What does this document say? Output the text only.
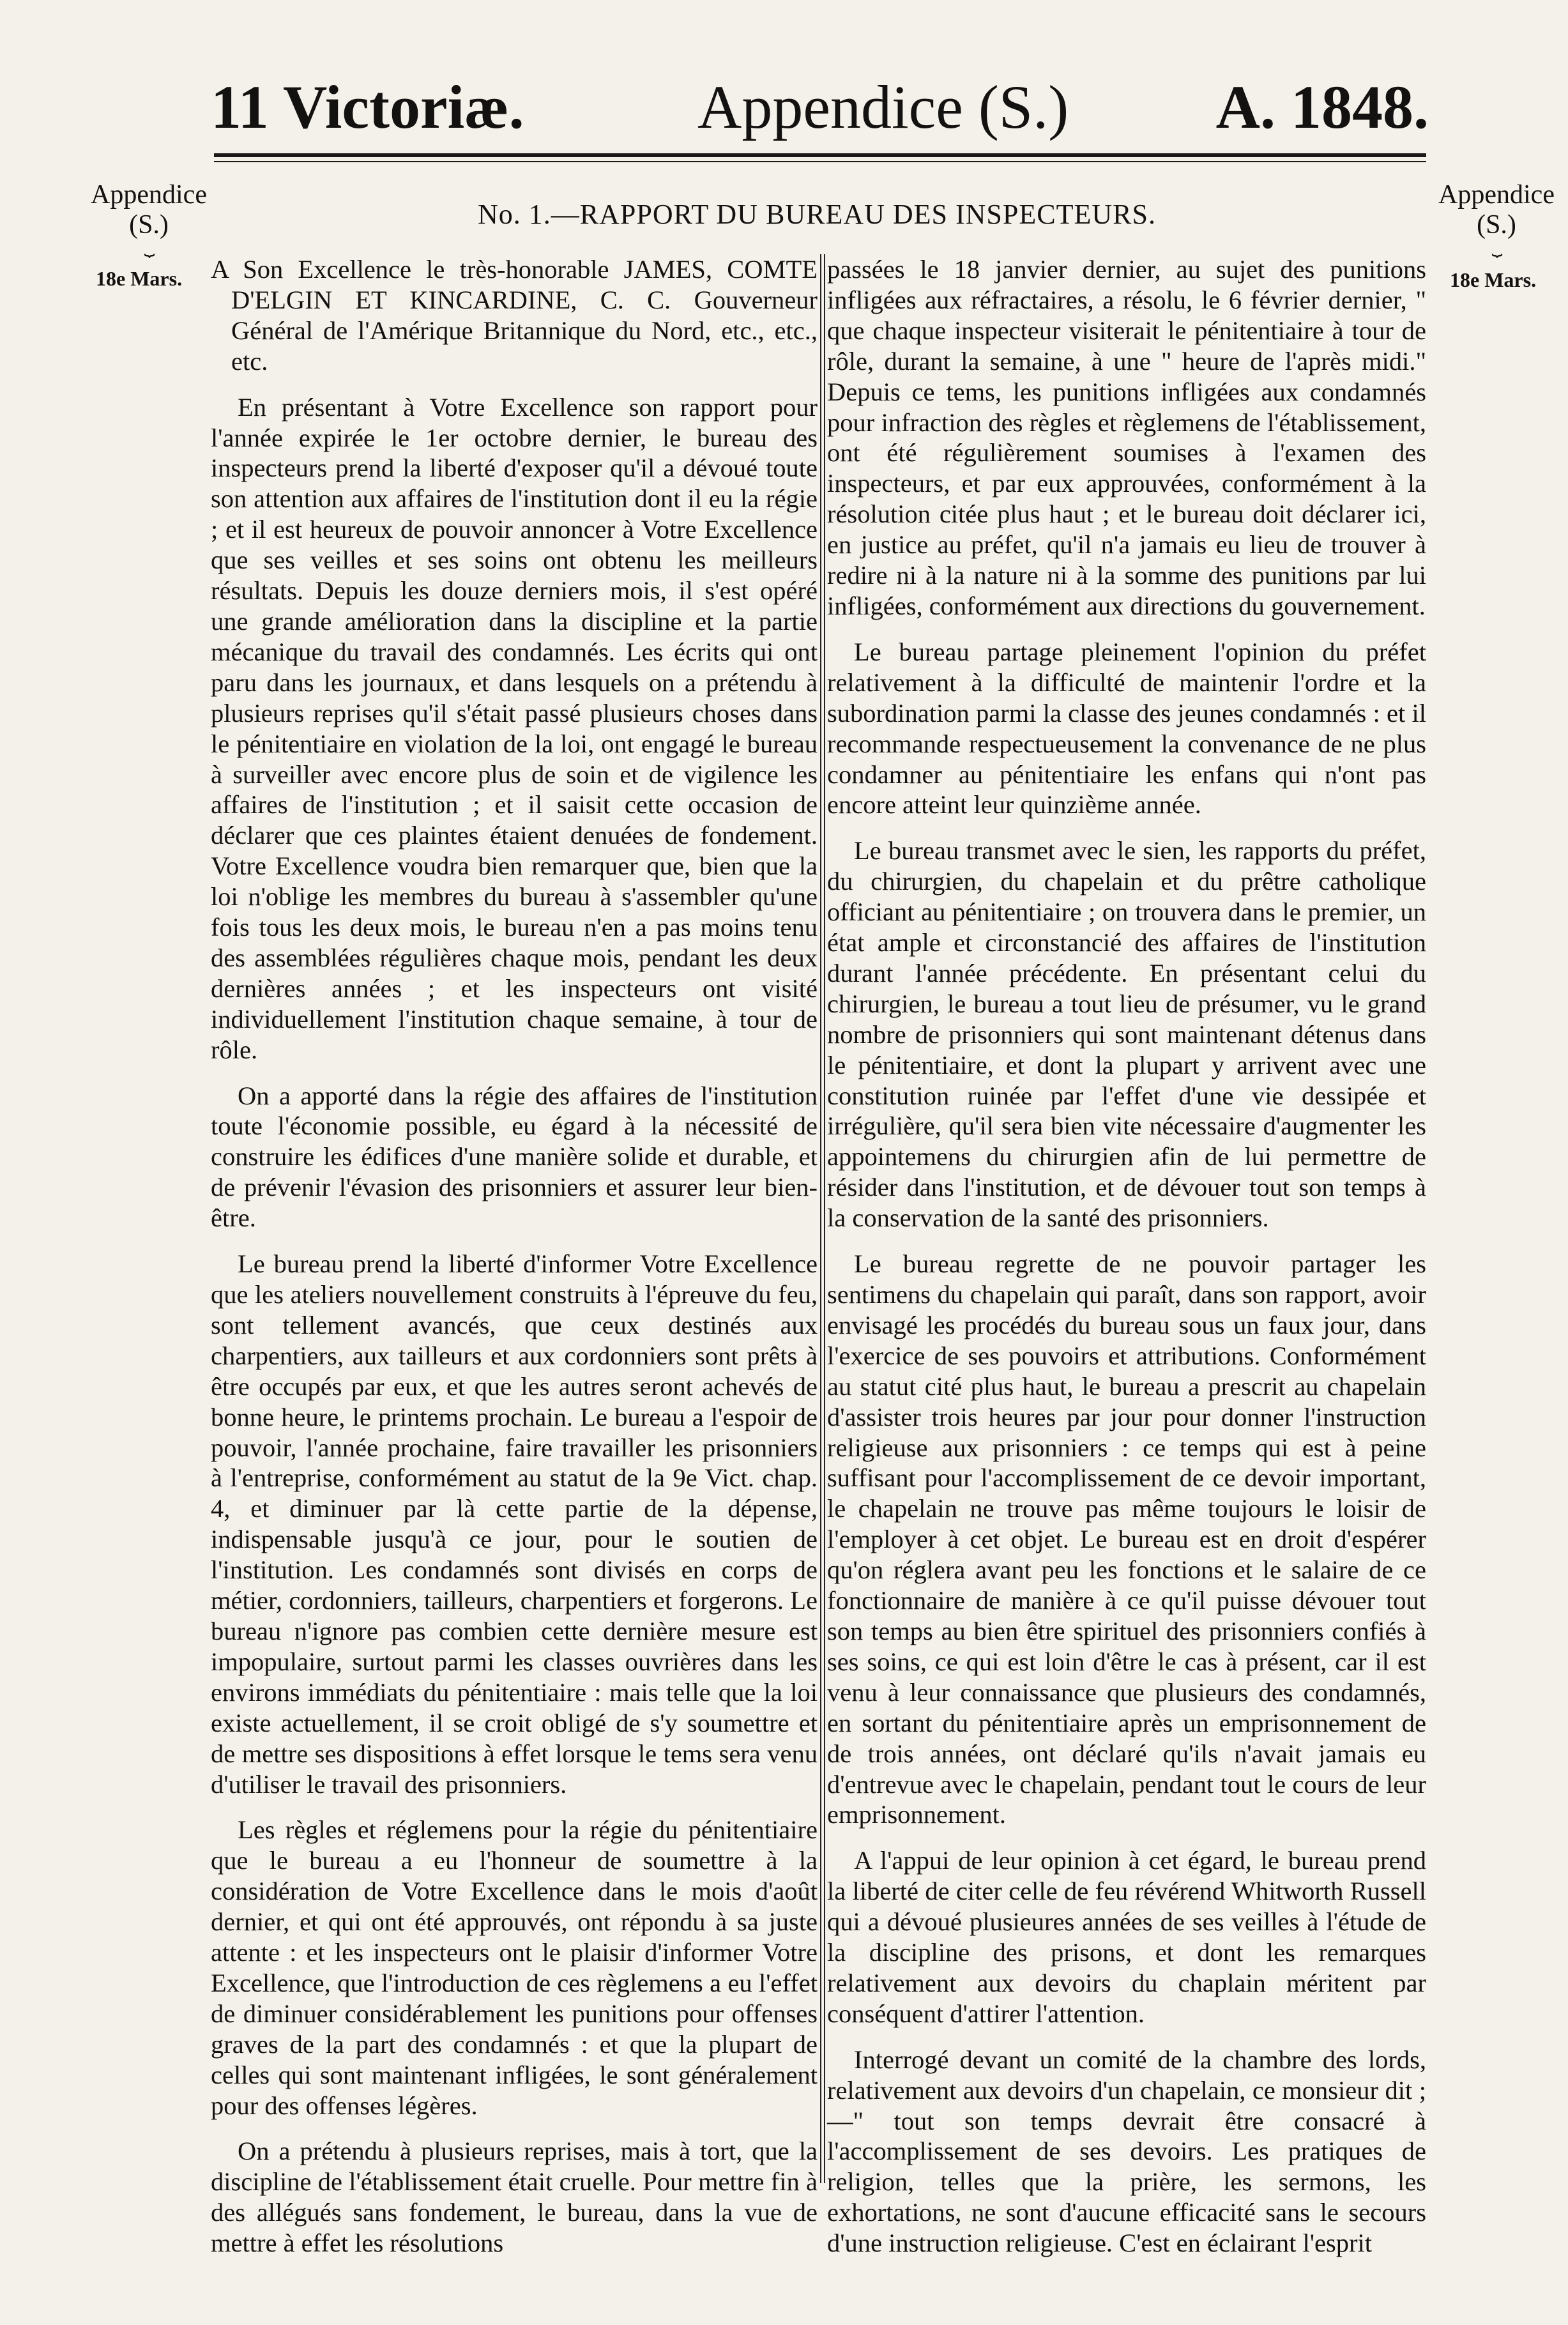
11 Victoriæ.	Appendice (S.) A. 1848.
Appendice
(S.)
⏟
18e Mars.
Appendice
(S.)
⏟
18e Mars.
No. 1.—RAPPORT DU BUREAU DES INSPECTEURS.

A Son Excellence le très-honorable JAMES, COMTE D'ELGIN ET KINCARDINE, C. C. Gouverneur Général de l'Amérique Britannique du Nord, etc., etc., etc.

En présentant à Votre Excellence son rapport pour l'année expirée le 1er octobre dernier, le bureau des inspecteurs prend la liberté d'exposer qu'il a dévoué toute son attention aux affaires de l'institution dont il eu la régie ; et il est heureux de pouvoir annoncer à Votre Excellence que ses veilles et ses soins ont obtenu les meilleurs résultats. Depuis les douze derniers mois, il s'est opéré une grande amélioration dans la discipline et la partie mécanique du travail des condamnés. Les écrits qui ont paru dans les journaux, et dans lesquels on a prétendu à plusieurs reprises qu'il s'était passé plusieurs choses dans le pénitentiaire en violation de la loi, ont engagé le bureau à surveiller avec encore plus de soin et de vigilence les affaires de l'institution ; et il saisit cette occasion de déclarer que ces plaintes étaient denuées de fondement. Votre Excellence voudra bien remarquer que, bien que la loi n'oblige les membres du bureau à s'assembler qu'une fois tous les deux mois, le bureau n'en a pas moins tenu des assemblées régulières chaque mois, pendant les deux dernières années ; et les inspecteurs ont visité individuellement l'institution chaque semaine, à tour de rôle.

On a apporté dans la régie des affaires de l'institution toute l'économie possible, eu égard à la nécessité de construire les édifices d'une manière solide et durable, et de prévenir l'évasion des prisonniers et assurer leur bien-être.

Le bureau prend la liberté d'informer Votre Excellence que les ateliers nouvellement construits à l'épreuve du feu, sont tellement avancés, que ceux destinés aux charpentiers, aux tailleurs et aux cordonniers sont prêts à être occupés par eux, et que les autres seront achevés de bonne heure, le printems prochain. Le bureau a l'espoir de pouvoir, l'année prochaine, faire travailler les prisonniers à l'entreprise, conformément au statut de la 9e Vict. chap. 4, et diminuer par là cette partie de la dépense, indispensable jusqu'à ce jour, pour le soutien de l'institution. Les condamnés sont divisés en corps de métier, cordonniers, tailleurs, charpentiers et forgerons. Le bureau n'ignore pas combien cette dernière mesure est impopulaire, surtout parmi les classes ouvrières dans les environs immédiats du pénitentiaire : mais telle que la loi existe actuellement, il se croit obligé de s'y soumettre et de mettre ses dispositions à effet lorsque le tems sera venu d'utiliser le travail des prisonniers.

Les règles et réglemens pour la régie du pénitentiaire que le bureau a eu l'honneur de soumettre à la considération de Votre Excellence dans le mois d'août dernier, et qui ont été approuvés, ont répondu à sa juste attente : et les inspecteurs ont le plaisir d'informer Votre Excellence, que l'introduction de ces règlemens a eu l'effet de diminuer considérablement les punitions pour offenses graves de la part des condamnés : et que la plupart de celles qui sont maintenant infligées, le sont généralement pour des offenses légères.

On a prétendu à plusieurs reprises, mais à tort, que la discipline de l'établissement était cruelle. Pour mettre fin à des allégués sans fondement, le bureau, dans la vue de mettre à effet les résolutions

passées le 18 janvier dernier, au sujet des punitions infligées aux réfractaires, a résolu, le 6 février dernier, " que chaque inspecteur visiterait le pénitentiaire à tour de rôle, durant la semaine, à une " heure de l'après midi." Depuis ce tems, les punitions infligées aux condamnés pour infraction des règles et règlemens de l'établissement, ont été régulièrement soumises à l'examen des inspecteurs, et par eux approuvées, conformément à la résolution citée plus haut ; et le bureau doit déclarer ici, en justice au préfet, qu'il n'a jamais eu lieu de trouver à redire ni à la nature ni à la somme des punitions par lui infligées, conformément aux directions du gouvernement.

Le bureau partage pleinement l'opinion du préfet relativement à la difficulté de maintenir l'ordre et la subordination parmi la classe des jeunes condamnés : et il recommande respectueusement la convenance de ne plus condamner au pénitentiaire les enfans qui n'ont pas encore atteint leur quinzième année.

Le bureau transmet avec le sien, les rapports du préfet, du chirurgien, du chapelain et du prêtre catholique officiant au pénitentiaire ; on trouvera dans le premier, un état ample et circonstancié des affaires de l'institution durant l'année précédente. En présentant celui du chirurgien, le bureau a tout lieu de présumer, vu le grand nombre de prisonniers qui sont maintenant détenus dans le pénitentiaire, et dont la plupart y arrivent avec une constitution ruinée par l'effet d'une vie dessipée et irrégulière, qu'il sera bien vite nécessaire d'augmenter les appointemens du chirurgien afin de lui permettre de résider dans l'institution, et de dévouer tout son temps à la conservation de la santé des prisonniers.

Le bureau regrette de ne pouvoir partager les sentimens du chapelain qui paraît, dans son rapport, avoir envisagé les procédés du bureau sous un faux jour, dans l'exercice de ses pouvoirs et attributions. Conformément au statut cité plus haut, le bureau a prescrit au chapelain d'assister trois heures par jour pour donner l'instruction religieuse aux prisonniers : ce temps qui est à peine suffisant pour l'accomplissement de ce devoir important, le chapelain ne trouve pas même toujours le loisir de l'employer à cet objet. Le bureau est en droit d'espérer qu'on réglera avant peu les fonctions et le salaire de ce fonctionnaire de manière à ce qu'il puisse dévouer tout son temps au bien être spirituel des prisonniers confiés à ses soins, ce qui est loin d'être le cas à présent, car il est venu à leur connaissance que plusieurs des condamnés, en sortant du pénitentiaire après un emprisonnement de de trois années, ont déclaré qu'ils n'avait jamais eu d'entrevue avec le chapelain, pendant tout le cours de leur emprisonnement.

A l'appui de leur opinion à cet égard, le bureau prend la liberté de citer celle de feu révérend Whitworth Russell qui a dévoué plusieures années de ses veilles à l'étude de la discipline des prisons, et dont les remarques relativement aux devoirs du chaplain méritent par conséquent d'attirer l'attention.

Interrogé devant un comité de la chambre des lords, relativement aux devoirs d'un chapelain, ce monsieur dit ;—" tout son temps devrait être consacré à l'accomplissement de ses devoirs. Les pratiques de religion, telles que la prière, les sermons, les exhortations, ne sont d'aucune efficacité sans le secours d'une instruction religieuse. C'est en éclairant l'esprit
